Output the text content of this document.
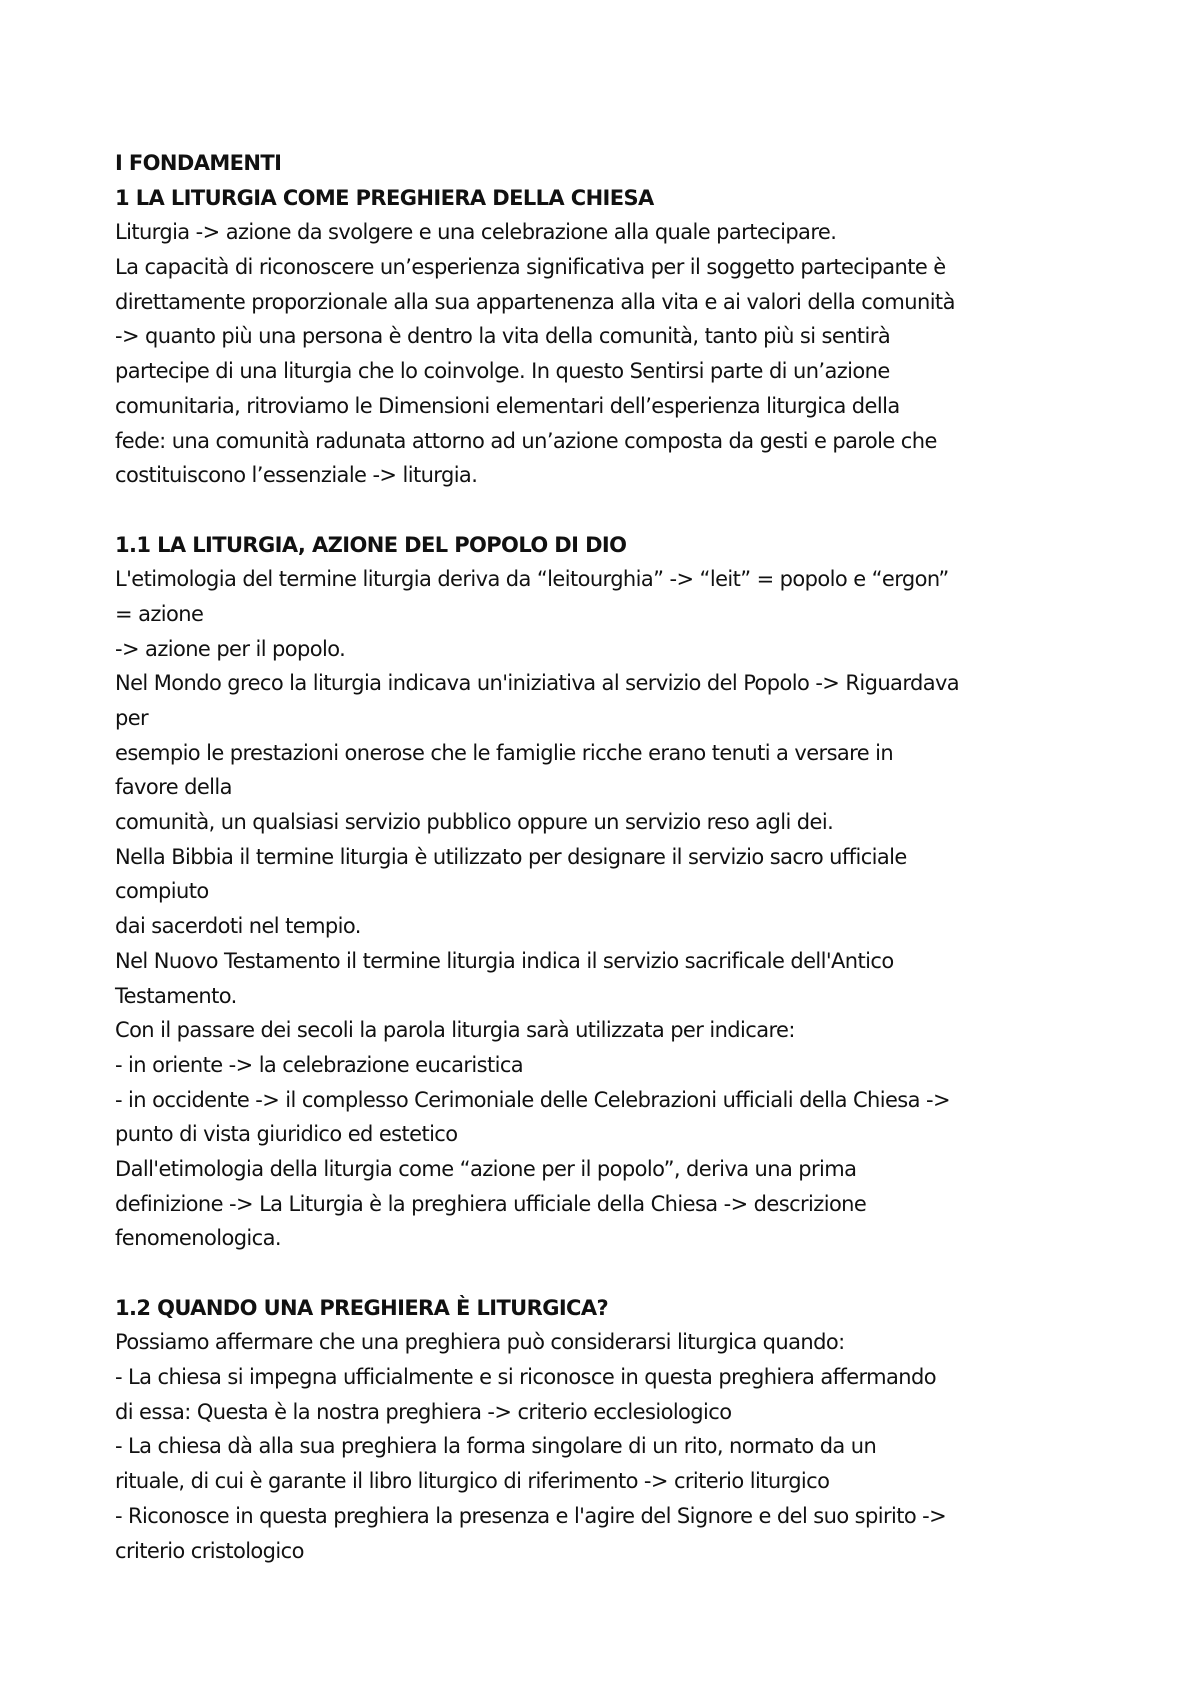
I FONDAMENTI
1 LA LITURGIA COME PREGHIERA DELLA CHIESA
Liturgia -> azione da svolgere e una celebrazione alla quale partecipare.
La capacità di riconoscere un’esperienza significativa per il soggetto partecipante è
direttamente proporzionale alla sua appartenenza alla vita e ai valori della comunità
-> quanto più una persona è dentro la vita della comunità, tanto più si sentirà
partecipe di una liturgia che lo coinvolge. In questo Sentirsi parte di un’azione
comunitaria, ritroviamo le Dimensioni elementari dell’esperienza liturgica della
fede: una comunità radunata attorno ad un’azione composta da gesti e parole che
costituiscono l’essenziale -> liturgia.
1.1 LA LITURGIA, AZIONE DEL POPOLO DI DIO
L'etimologia del termine liturgia deriva da “leitourghia” -> “leit” = popolo e “ergon”
= azione
-> azione per il popolo.
Nel Mondo greco la liturgia indicava un'iniziativa al servizio del Popolo -> Riguardava
per
esempio le prestazioni onerose che le famiglie ricche erano tenuti a versare in
favore della
comunità, un qualsiasi servizio pubblico oppure un servizio reso agli dei.
Nella Bibbia il termine liturgia è utilizzato per designare il servizio sacro ufficiale
compiuto
dai sacerdoti nel tempio.
Nel Nuovo Testamento il termine liturgia indica il servizio sacrificale dell'Antico
Testamento.
Con il passare dei secoli la parola liturgia sarà utilizzata per indicare:
- in oriente -> la celebrazione eucaristica
- in occidente -> il complesso Cerimoniale delle Celebrazioni ufficiali della Chiesa ->
punto di vista giuridico ed estetico
Dall'etimologia della liturgia come “azione per il popolo”, deriva una prima
definizione -> La Liturgia è la preghiera ufficiale della Chiesa -> descrizione
fenomenologica.
1.2 QUANDO UNA PREGHIERA È LITURGICA?
Possiamo affermare che una preghiera può considerarsi liturgica quando:
- La chiesa si impegna ufficialmente e si riconosce in questa preghiera affermando
di essa: Questa è la nostra preghiera -> criterio ecclesiologico
- La chiesa dà alla sua preghiera la forma singolare di un rito, normato da un
rituale, di cui è garante il libro liturgico di riferimento -> criterio liturgico
- Riconosce in questa preghiera la presenza e l'agire del Signore e del suo spirito ->
criterio cristologico
